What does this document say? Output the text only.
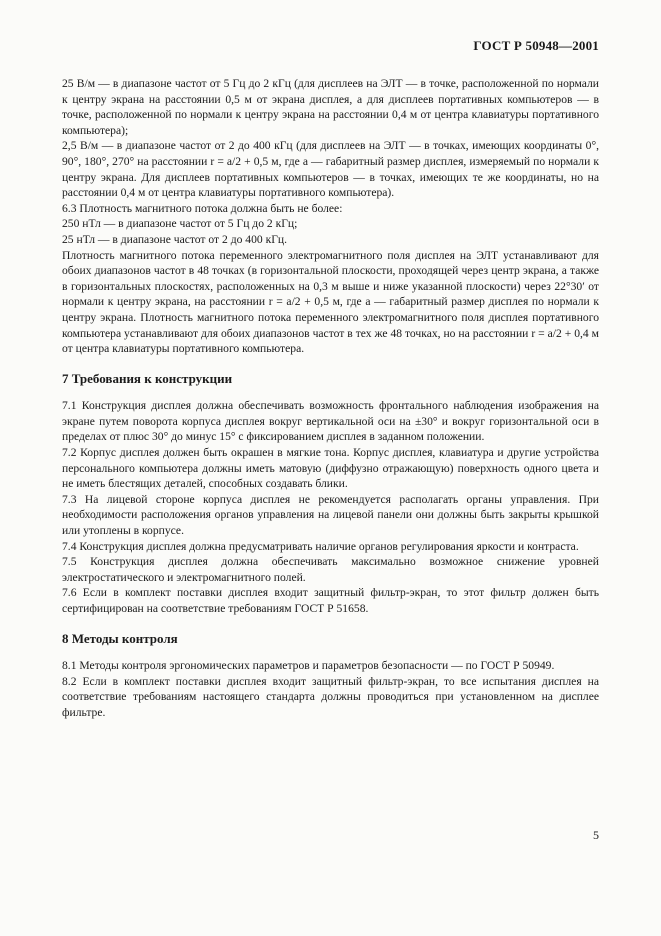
ГОСТ Р 50948—2001

25 В/м — в диапазоне частот от 5 Гц до 2 кГц (для дисплеев на ЭЛТ — в точке, расположенной по нормали к центру экрана на расстоянии 0,5 м от экрана дисплея, а для дисплеев портативных компьютеров — в точке, расположенной по нормали к центру экрана на расстоянии 0,4 м от центра клавиатуры портативного компьютера);

2,5 В/м — в диапазоне частот от 2 до 400 кГц (для дисплеев на ЭЛТ — в точках, имеющих координаты 0°, 90°, 180°, 270° на расстоянии r = a/2 + 0,5 м, где a — габаритный размер дисплея, измеряемый по нормали к центру экрана. Для дисплеев портативных компьютеров — в точках, имеющих те же координаты, но на расстоянии 0,4 м от центра клавиатуры портативного компьютера).

6.3 Плотность магнитного потока должна быть не более:

250 нТл — в диапазоне частот от 5 Гц до 2 кГц;

25 нТл — в диапазоне частот от 2 до 400 кГц.

Плотность магнитного потока переменного электромагнитного поля дисплея на ЭЛТ устанавливают для обоих диапазонов частот в 48 точках (в горизонтальной плоскости, проходящей через центр экрана, а также в горизонтальных плоскостях, расположенных на 0,3 м выше и ниже указанной плоскости) через 22°30′ от нормали к центру экрана, на расстоянии r = a/2 + 0,5 м, где a — габаритный размер дисплея по нормали к центру экрана. Плотность магнитного потока переменного электромагнитного поля дисплея портативного компьютера устанавливают для обоих диапазонов частот в тех же 48 точках, но на расстоянии r = a/2 + 0,4 м от центра клавиатуры портативного компьютера.

7 Требования к конструкции

7.1 Конструкция дисплея должна обеспечивать возможность фронтального наблюдения изображения на экране путем поворота корпуса дисплея вокруг вертикальной оси на ±30° и вокруг горизонтальной оси в пределах от плюс 30° до минус 15° с фиксированием дисплея в заданном положении.

7.2 Корпус дисплея должен быть окрашен в мягкие тона. Корпус дисплея, клавиатура и другие устройства персонального компьютера должны иметь матовую (диффузно отражающую) поверхность одного цвета и не иметь блестящих деталей, способных создавать блики.

7.3 На лицевой стороне корпуса дисплея не рекомендуется располагать органы управления. При необходимости расположения органов управления на лицевой панели они должны быть закрыты крышкой или утоплены в корпусе.

7.4 Конструкция дисплея должна предусматривать наличие органов регулирования яркости и контраста.

7.5 Конструкция дисплея должна обеспечивать максимально возможное снижение уровней электростатического и электромагнитного полей.

7.6 Если в комплект поставки дисплея входит защитный фильтр-экран, то этот фильтр должен быть сертифицирован на соответствие требованиям ГОСТ Р 51658.

8 Методы контроля

8.1 Методы контроля эргономических параметров и параметров безопасности — по ГОСТ Р 50949.

8.2 Если в комплект поставки дисплея входит защитный фильтр-экран, то все испытания дисплея на соответствие требованиям настоящего стандарта должны проводиться при установленном на дисплее фильтре.

5
